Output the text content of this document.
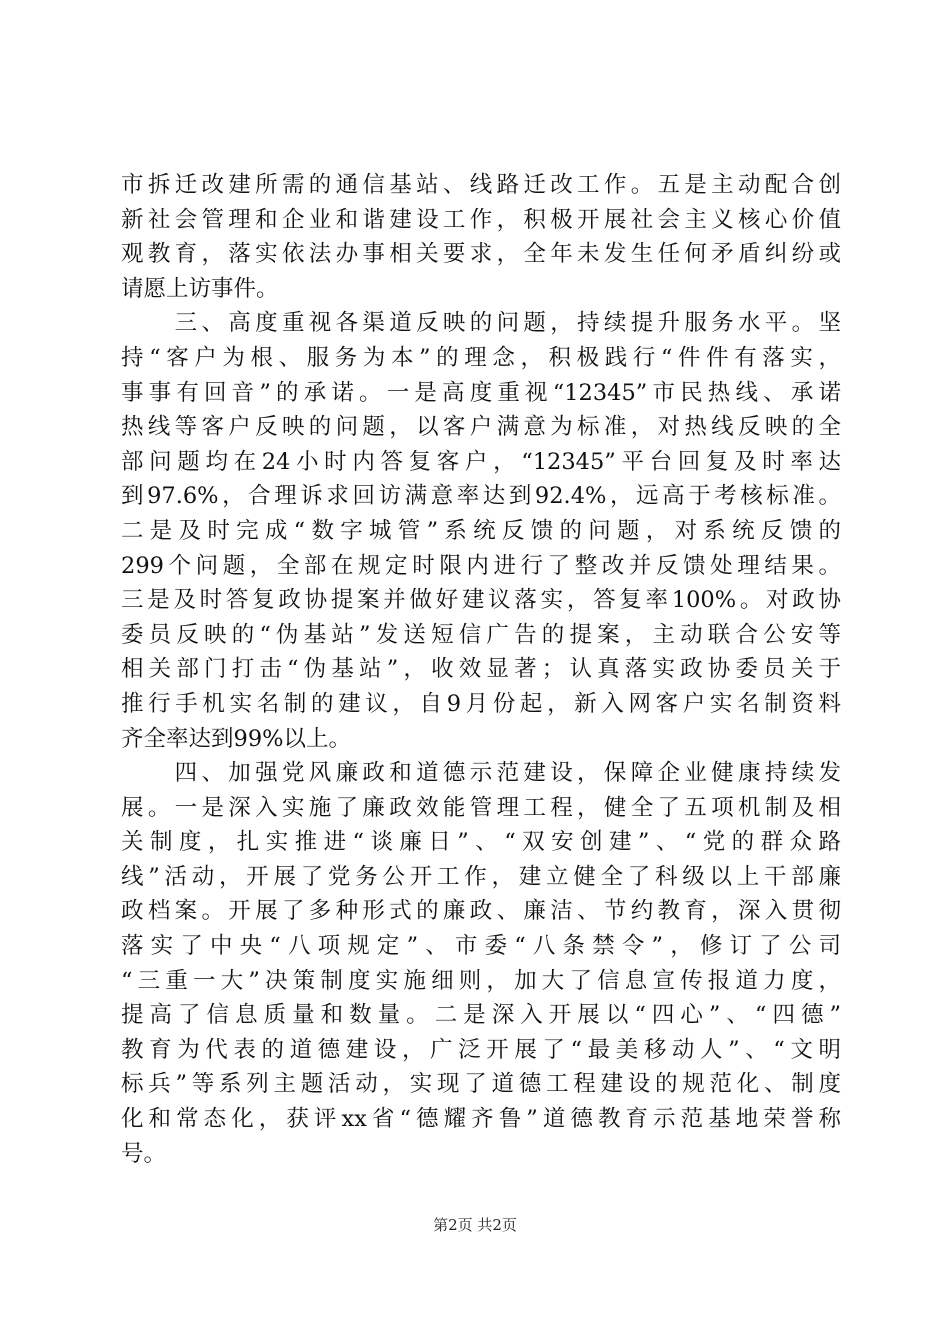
市拆迁改建所需的通信基站、线路迁改工作。五是主动配合创
新社会管理和企业和谐建设工作，积极开展社会主义核心价值
观教育，落实依法办事相关要求，全年未发生任何矛盾纠纷或
请愿上访事件。
　　三、高度重视各渠道反映的问题，持续提升服务水平。坚
持“客户为根、服务为本”的理念，积极践行“件件有落实，
事事有回音”的承诺。一是高度重视“12345”市民热线、承诺
热线等客户反映的问题，以客户满意为标准，对热线反映的全
部问题均在24小时内答复客户，“12345”平台回复及时率达
到97.6%，合理诉求回访满意率达到92.4%，远高于考核标准。
二是及时完成“数字城管”系统反馈的问题，对系统反馈的
299个问题，全部在规定时限内进行了整改并反馈处理结果。
三是及时答复政协提案并做好建议落实，答复率100%。对政协
委员反映的“伪基站”发送短信广告的提案，主动联合公安等
相关部门打击“伪基站”，收效显著；认真落实政协委员关于
推行手机实名制的建议，自9月份起，新入网客户实名制资料
齐全率达到99%以上。
　　四、加强党风廉政和道德示范建设，保障企业健康持续发
展。一是深入实施了廉政效能管理工程，健全了五项机制及相
关制度，扎实推进“谈廉日”、“双安创建”、“党的群众路
线”活动，开展了党务公开工作，建立健全了科级以上干部廉
政档案。开展了多种形式的廉政、廉洁、节约教育，深入贯彻
落实了中央“八项规定”、市委“八条禁令”，修订了公司
“三重一大”决策制度实施细则，加大了信息宣传报道力度，
提高了信息质量和数量。二是深入开展以“四心”、“四德”
教育为代表的道德建设，广泛开展了“最美移动人”、“文明
标兵”等系列主题活动，实现了道德工程建设的规范化、制度
化和常态化，获评xx省“德耀齐鲁”道德教育示范基地荣誉称
号。
第2页 共2页
